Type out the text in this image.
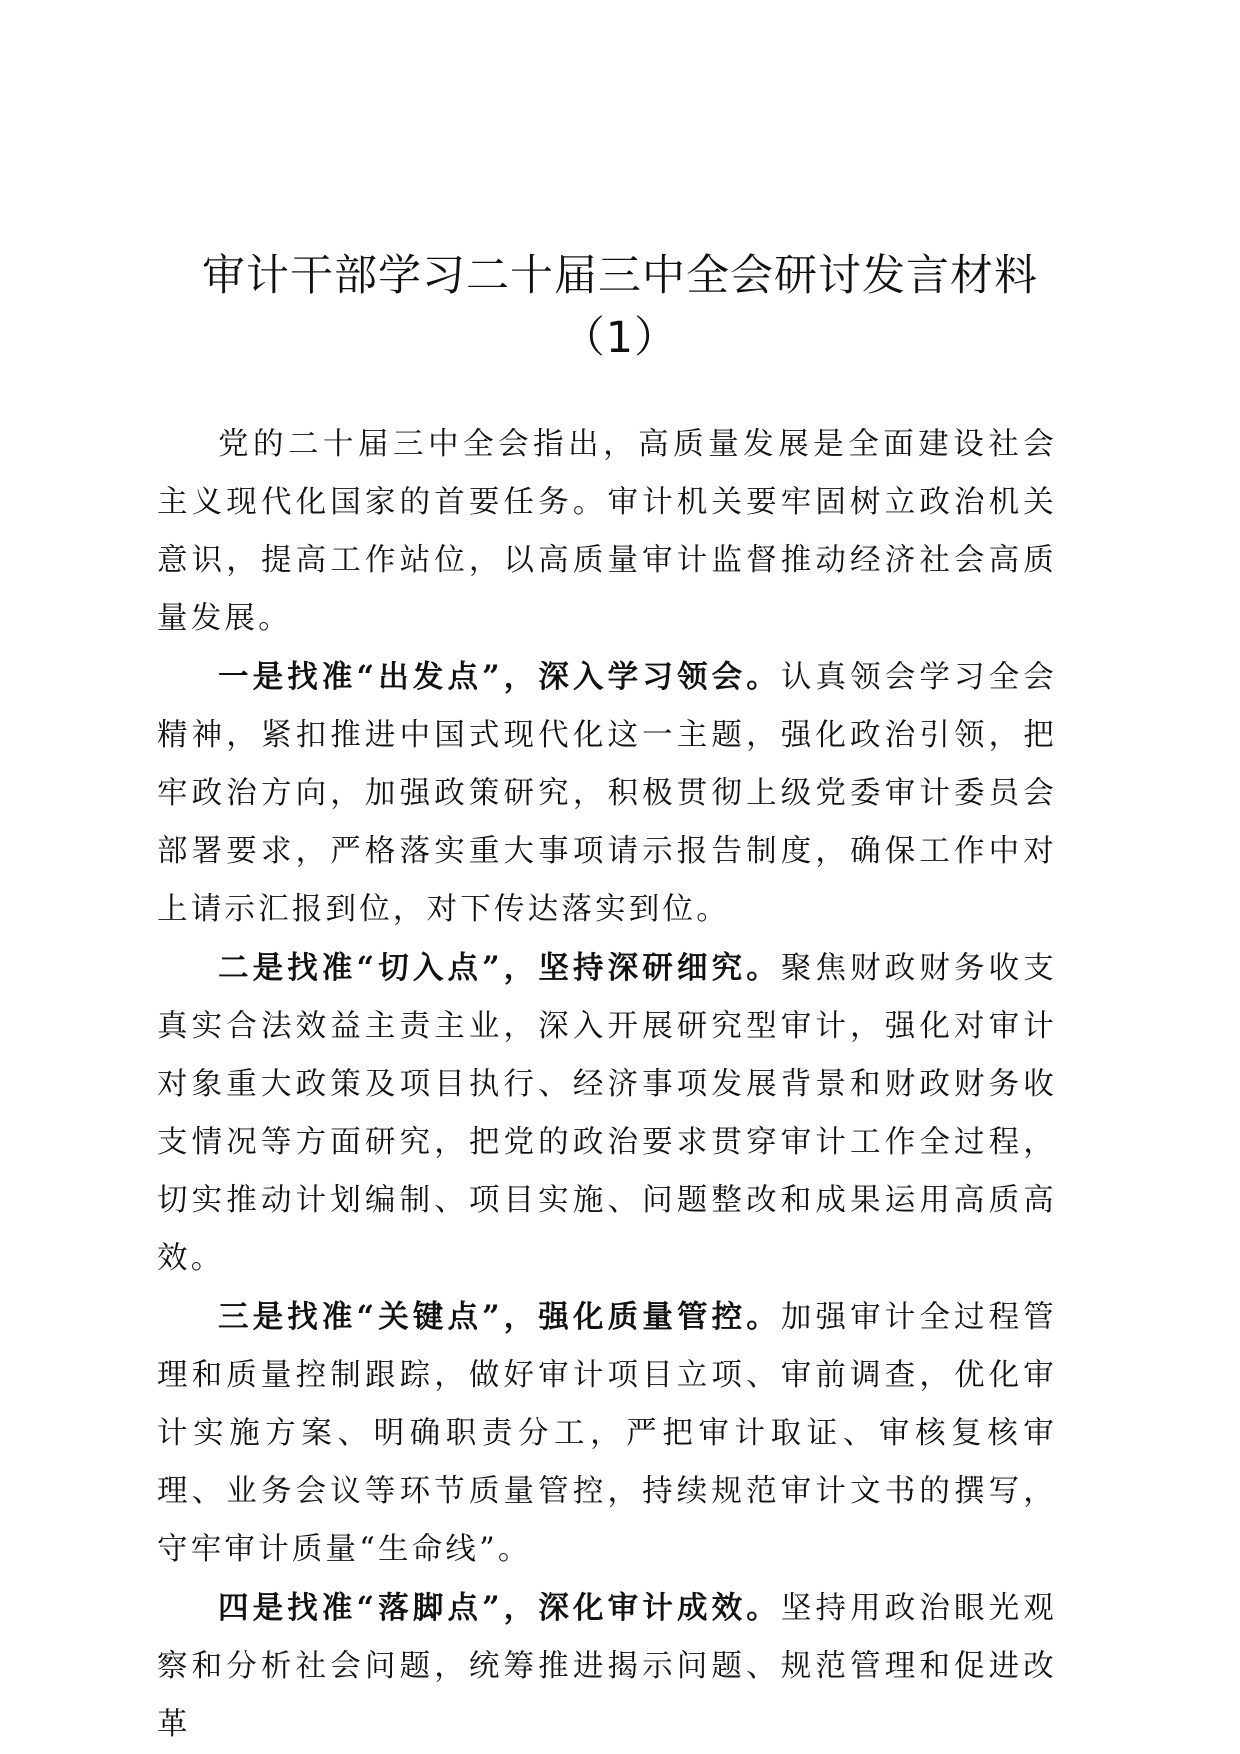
审计干部学习二十届三中全会研讨发言材料
（1）

党的二十届三中全会指出，高质量发展是全面建设社会主义现代化国家的首要任务。审计机关要牢固树立政治机关意识，提高工作站位，以高质量审计监督推动经济社会高质量发展。

一是找准“出发点”，深入学习领会。认真领会学习全会精神，紧扣推进中国式现代化这一主题，强化政治引领，把牢政治方向，加强政策研究，积极贯彻上级党委审计委员会部署要求，严格落实重大事项请示报告制度，确保工作中对上请示汇报到位，对下传达落实到位。

二是找准“切入点”，坚持深研细究。聚焦财政财务收支真实合法效益主责主业，深入开展研究型审计，强化对审计对象重大政策及项目执行、经济事项发展背景和财政财务收支情况等方面研究，把党的政治要求贯穿审计工作全过程，切实推动计划编制、项目实施、问题整改和成果运用高质高效。

三是找准“关键点”，强化质量管控。加强审计全过程管理和质量控制跟踪，做好审计项目立项、审前调查，优化审计实施方案、明确职责分工，严把审计取证、审核复核审理、业务会议等环节质量管控，持续规范审计文书的撰写，守牢审计质量“生命线”。

四是找准“落脚点”，深化审计成效。坚持用政治眼光观察和分析社会问题，统筹推进揭示问题、规范管理和促进改革
